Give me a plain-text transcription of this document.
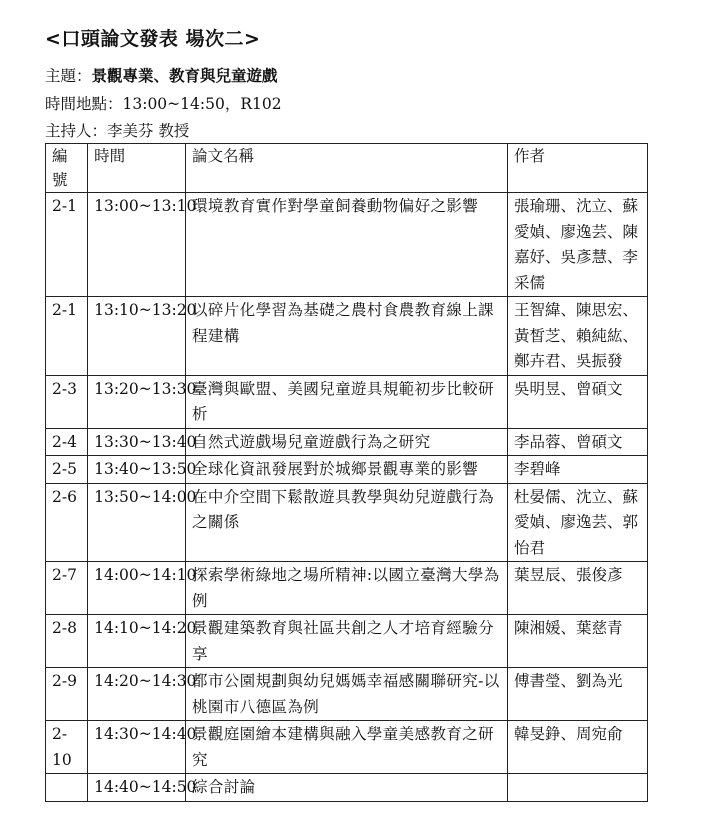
<口頭論文發表 場次二>
主題：景觀專業、教育與兒童遊戲
時間地點：13:00~14:50，R102
主持人：李美芬 教授
編號	時間	論文名稱	作者
2-1	13:00~13:10	環境教育實作對學童飼養動物偏好之影響	張瑜珊、沈立、蘇愛媜、廖逸芸、陳嘉妤、吳彥慧、李采儒
2-1	13:10~13:20	以碎片化學習為基礎之農村食農教育線上課程建構	王智緯、陳思宏、黃皙芝、賴純紘、鄭卉君、吳振發
2-3	13:20~13:30	臺灣與歐盟、美國兒童遊具規範初步比較研析	吳明昱、曾碩文
2-4	13:30~13:40	自然式遊戲場兒童遊戲行為之研究	李品蓉、曾碩文
2-5	13:40~13:50	全球化資訊發展對於城鄉景觀專業的影響	李碧峰
2-6	13:50~14:00	在中介空間下鬆散遊具教學與幼兒遊戲行為之關係	杜晏儒、沈立、蘇愛媜、廖逸芸、郭怡君
2-7	14:00~14:10	探索學術綠地之場所精神:以國立臺灣大學為例	葉昱辰、張俊彥
2-8	14:10~14:20	景觀建築教育與社區共創之人才培育經驗分享	陳湘媛、葉慈青
2-9	14:20~14:30	都市公園規劃與幼兒媽媽幸福感關聯研究-以桃園市八德區為例	傅書瑩、劉為光
2-10	14:30~14:40	景觀庭園繪本建構與融入學童美感教育之研究	韓旻錚、周宛俞
	14:40~14:50	綜合討論	
